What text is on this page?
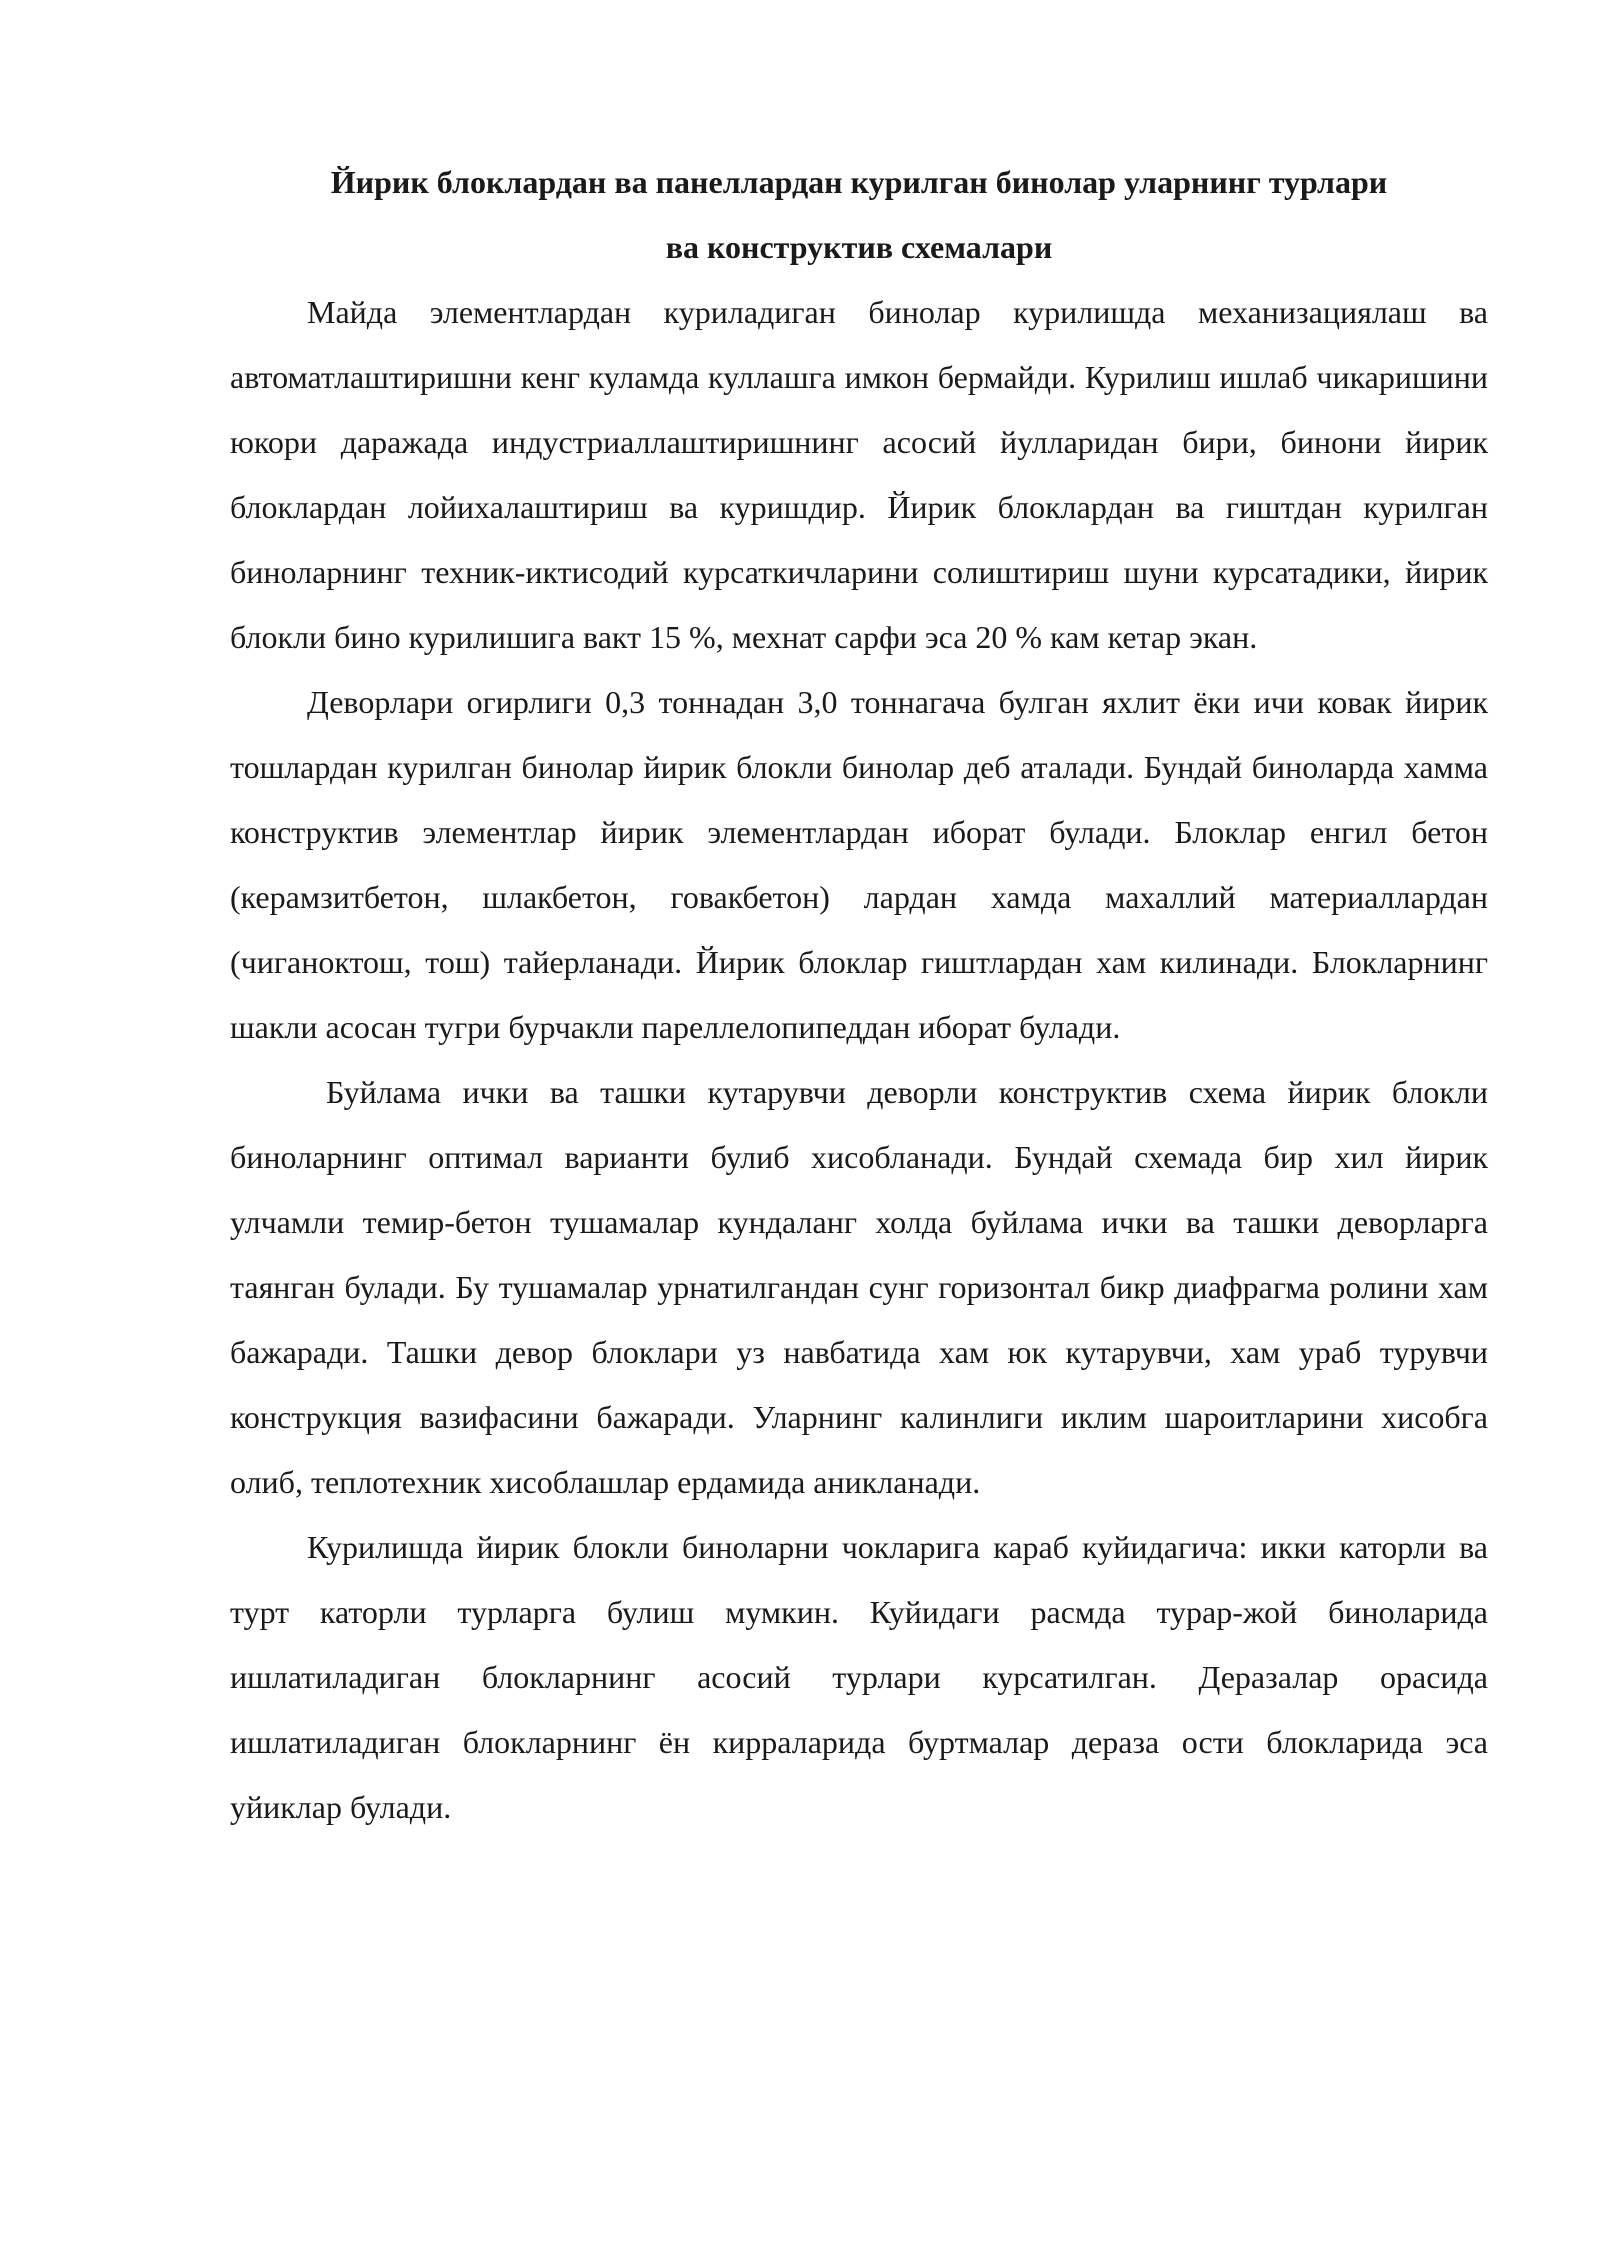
Йирик блоклардан ва панеллардан курилган бинолар уларнинг турлари
ва конструктив схемалари

Майда элементлардан куриладиган бинолар курилишда механизациялаш ва автоматлаштиришни кенг куламда куллашга имкон бермайди. Курилиш ишлаб чикаришини юкори даражада индустриаллаштиришнинг асосий йулларидан бири, бинони йирик блоклардан лойихалаштириш ва куришдир. Йирик блоклардан ва гиштдан курилган биноларнинг техник-иктисодий курсаткичларини солиштириш шуни курсатадики, йирик блокли бино курилишига вакт 15 %, мехнат сарфи эса 20 % кам кетар экан.

Деворлари огирлиги 0,3 тоннадан 3,0 тоннагача булган яхлит ёки ичи ковак йирик тошлардан курилган бинолар йирик блокли бинолар деб аталади. Бундай биноларда хамма конструктив элементлар йирик элементлардан иборат булади. Блоклар енгил бетон (керамзитбетон, шлакбетон, говакбетон) лардан хамда махаллий материаллардан (чиганоктош, тош) тайерланади. Йирик блоклар гиштлардан хам килинади. Блокларнинг шакли асосан тугри бурчакли пареллелопипеддан иборат булади.

Буйлама ички ва ташки кутарувчи деворли конструктив схема йирик блокли биноларнинг оптимал варианти булиб хисобланади. Бундай схемада бир хил йирик улчамли темир-бетон тушамалар кундаланг холда буйлама ички ва ташки деворларга таянган булади. Бу тушамалар урнатилгандан сунг горизонтал бикр диафрагма ролини хам бажаради. Ташки девор блоклари уз навбатида хам юк кутарувчи, хам ураб турувчи конструкция вазифасини бажаради. Уларнинг калинлиги иклим шароитларини хисобга олиб, теплотехник хисоблашлар ердамида аникланади.

Курилишда йирик блокли биноларни чокларига караб куйидагича: икки каторли ва турт каторли турларга булиш мумкин. Куйидаги расмда турар-жой биноларида ишлатиладиган блокларнинг асосий турлари курсатилган. Деразалар орасида ишлатиладиган блокларнинг ён кирраларида буртмалар дераза ости блокларида эса уйиклар булади.
